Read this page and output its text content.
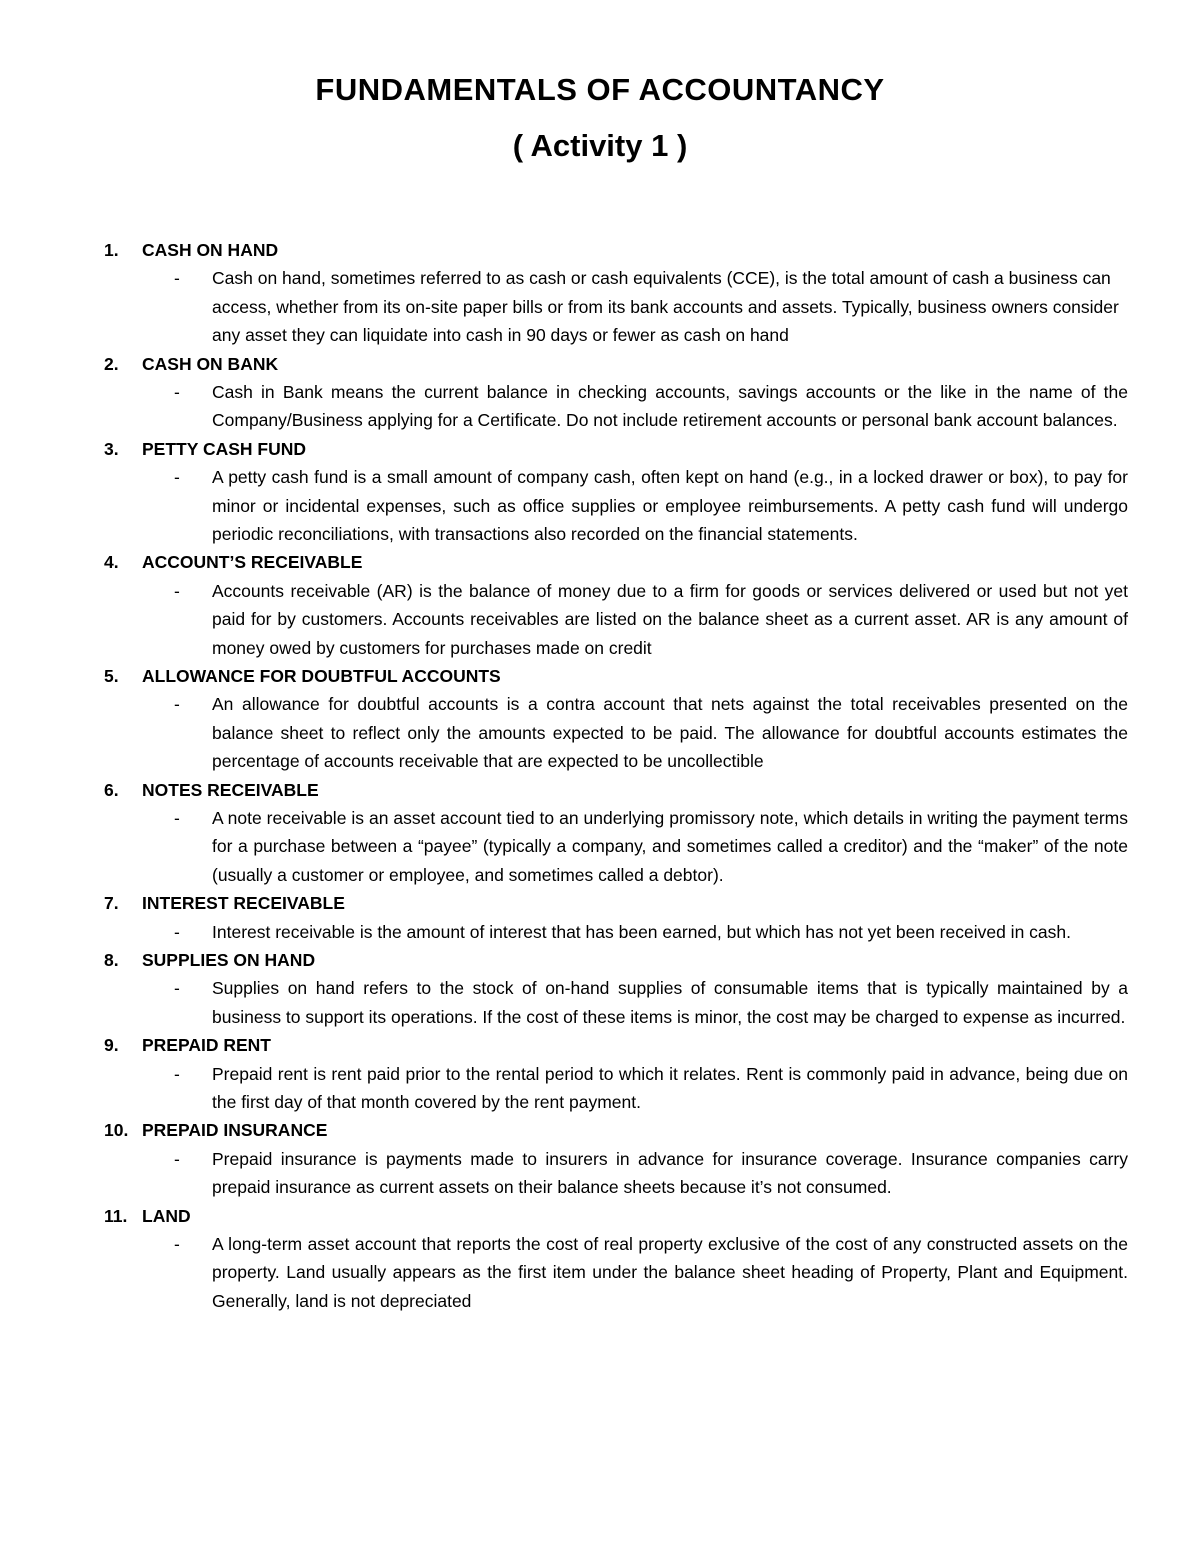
FUNDAMENTALS OF ACCOUNTANCY
( Activity 1 )
1. CASH ON HAND
- Cash on hand, sometimes referred to as cash or cash equivalents (CCE), is the total amount of cash a business can access, whether from its on-site paper bills or from its bank accounts and assets. Typically, business owners consider any asset they can liquidate into cash in 90 days or fewer as cash on hand
2. CASH ON BANK
- Cash in Bank means the current balance in checking accounts, savings accounts or the like in the name of the Company/Business applying for a Certificate. Do not include retirement accounts or personal bank account balances.
3. PETTY CASH FUND
- A petty cash fund is a small amount of company cash, often kept on hand (e.g., in a locked drawer or box), to pay for minor or incidental expenses, such as office supplies or employee reimbursements. A petty cash fund will undergo periodic reconciliations, with transactions also recorded on the financial statements.
4. ACCOUNT’S RECEIVABLE
- Accounts receivable (AR) is the balance of money due to a firm for goods or services delivered or used but not yet paid for by customers. Accounts receivables are listed on the balance sheet as a current asset. AR is any amount of money owed by customers for purchases made on credit
5. ALLOWANCE FOR DOUBTFUL ACCOUNTS
- An allowance for doubtful accounts is a contra account that nets against the total receivables presented on the balance sheet to reflect only the amounts expected to be paid. The allowance for doubtful accounts estimates the percentage of accounts receivable that are expected to be uncollectible
6. NOTES RECEIVABLE
- A note receivable is an asset account tied to an underlying promissory note, which details in writing the payment terms for a purchase between a “payee” (typically a company, and sometimes called a creditor) and the “maker” of the note (usually a customer or employee, and sometimes called a debtor).
7. INTEREST RECEIVABLE
- Interest receivable is the amount of interest that has been earned, but which has not yet been received in cash.
8. SUPPLIES ON HAND
- Supplies on hand refers to the stock of on-hand supplies of consumable items that is typically maintained by a business to support its operations. If the cost of these items is minor, the cost may be charged to expense as incurred.
9. PREPAID RENT
- Prepaid rent is rent paid prior to the rental period to which it relates. Rent is commonly paid in advance, being due on the first day of that month covered by the rent payment.
10. PREPAID INSURANCE
- Prepaid insurance is payments made to insurers in advance for insurance coverage. Insurance companies carry prepaid insurance as current assets on their balance sheets because it’s not consumed.
11. LAND
- A long-term asset account that reports the cost of real property exclusive of the cost of any constructed assets on the property. Land usually appears as the first item under the balance sheet heading of Property, Plant and Equipment. Generally, land is not depreciated
